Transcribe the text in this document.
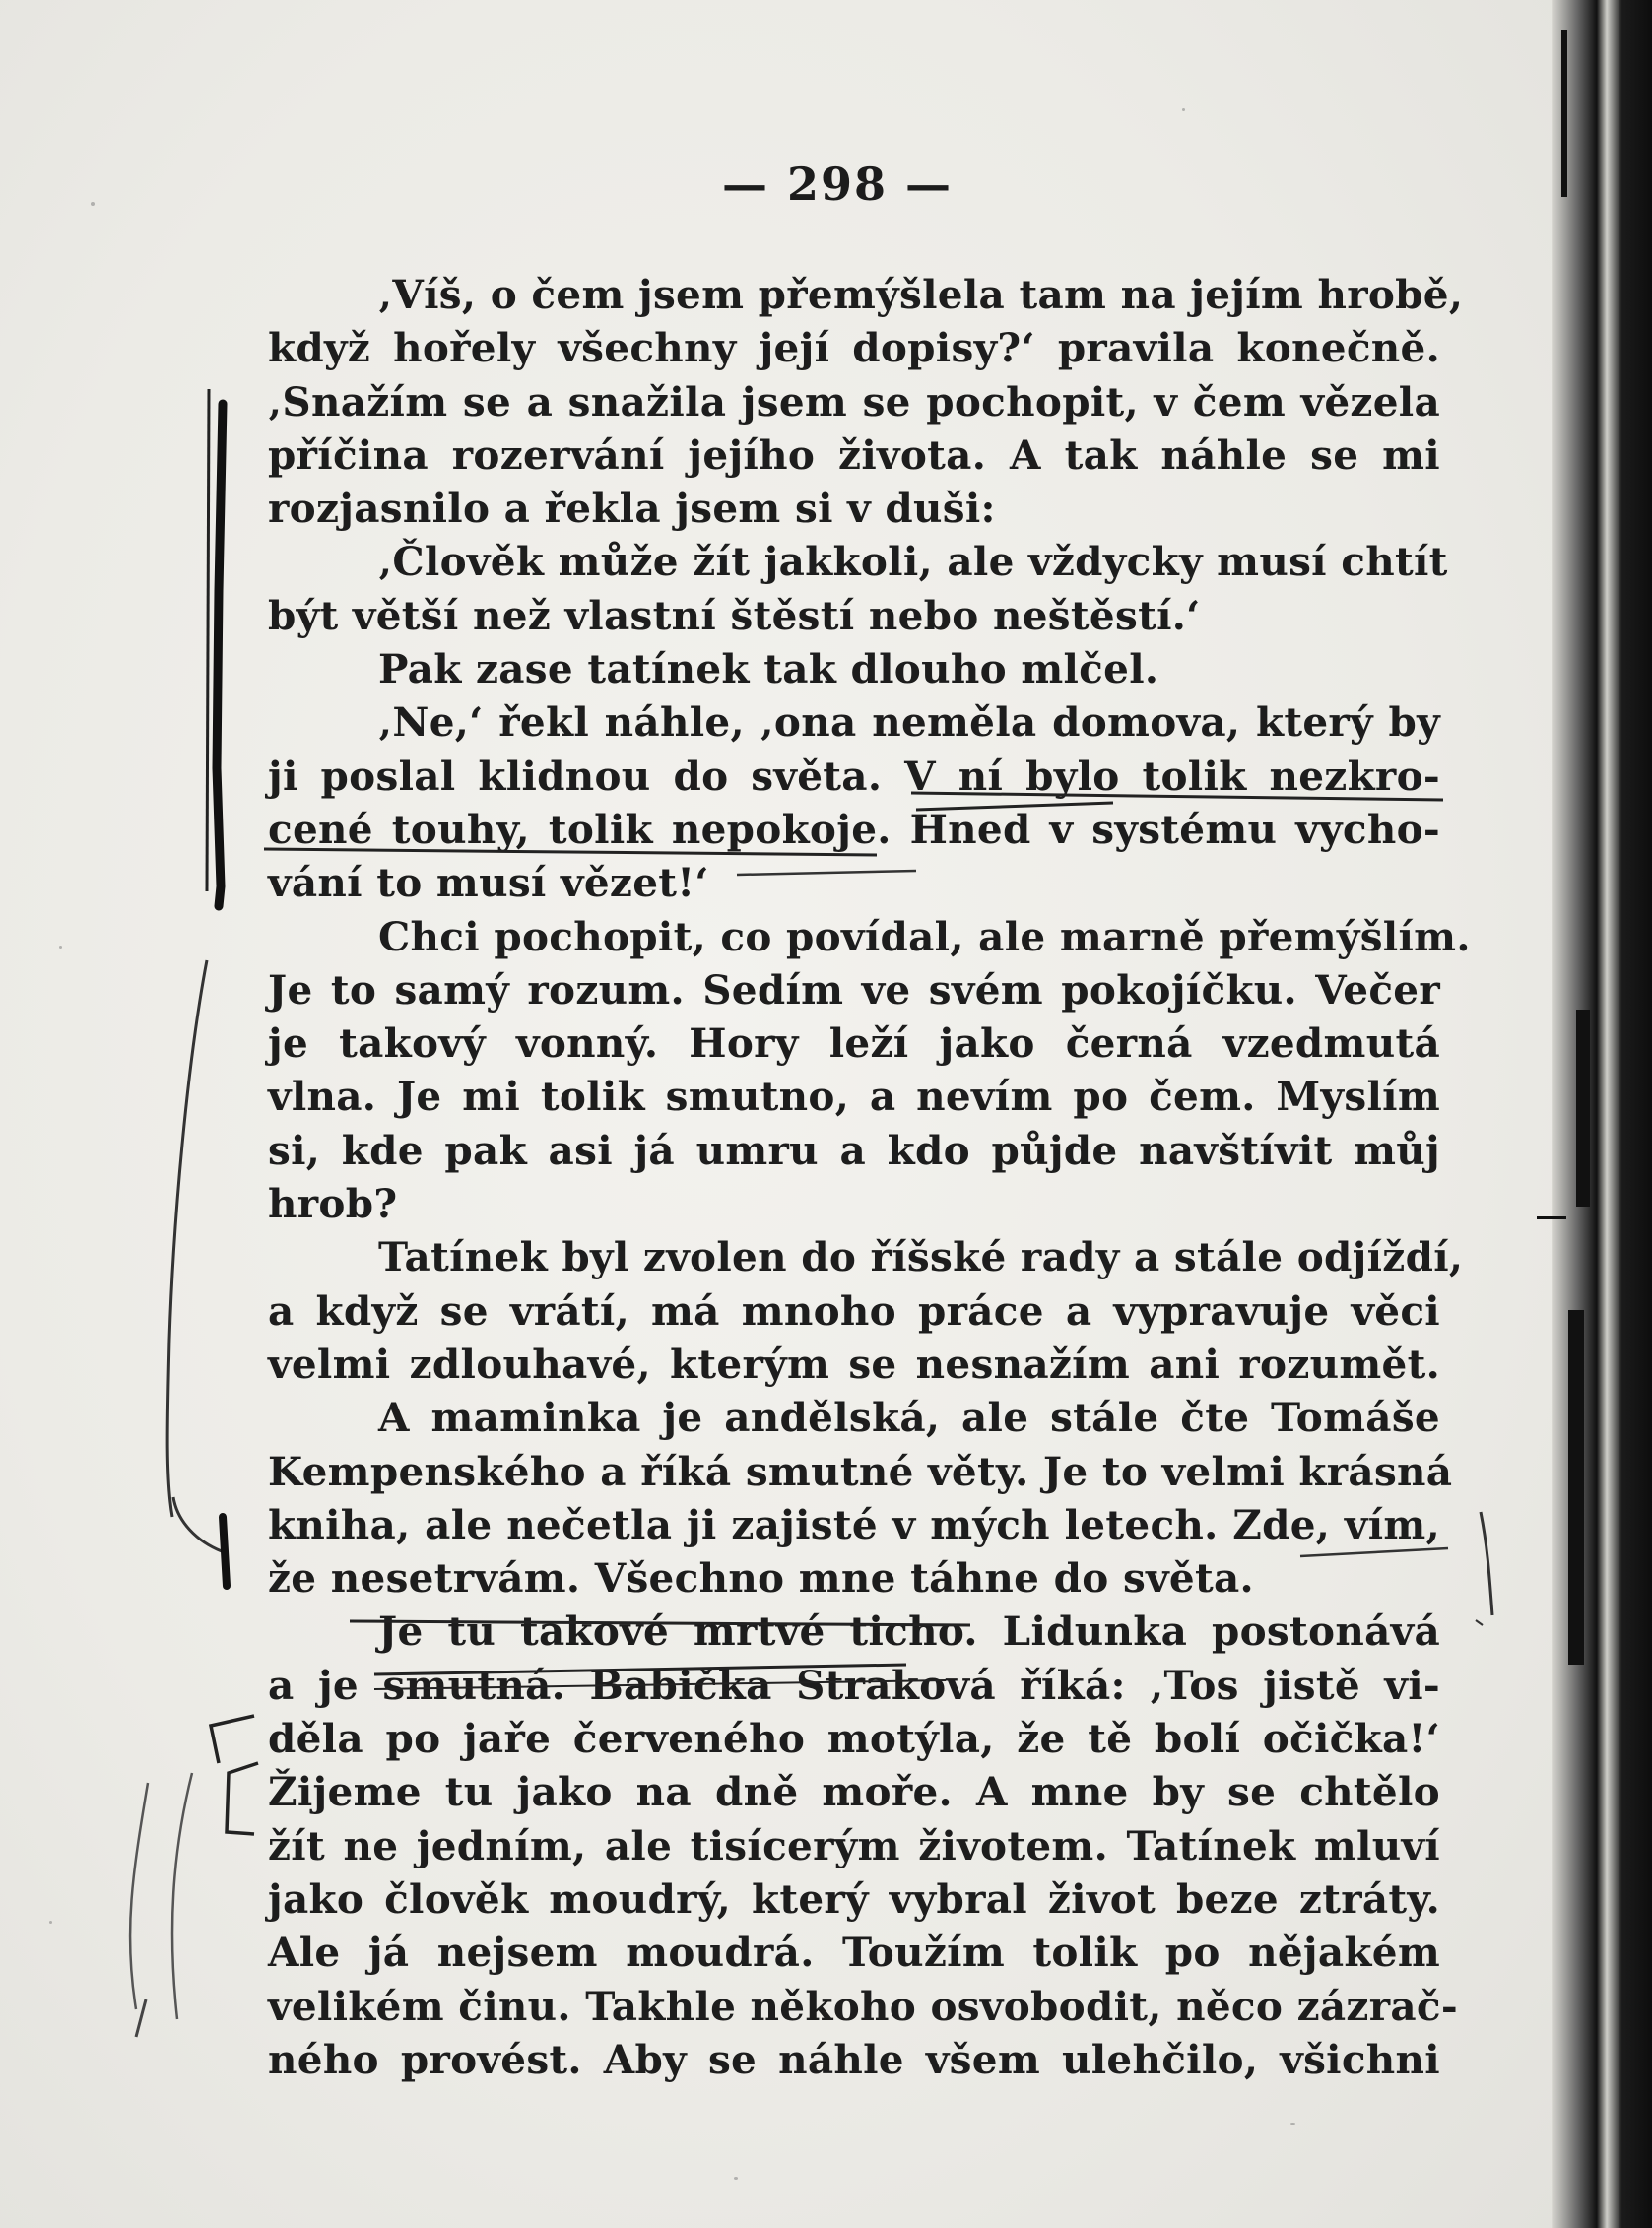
— 298 —
‚Víš, o čem jsem přemýšlela tam na jejím hrobě,
když hořely všechny její dopisy?‘ pravila konečně.
‚Snažím se a snažila jsem se pochopit, v čem vězela
příčina rozervání jejího života. A tak náhle se mi
rozjasnilo a řekla jsem si v duši:
‚Člověk může žít jakkoli, ale vždycky musí chtít
být větší než vlastní štěstí nebo neštěstí.‘
Pak zase tatínek tak dlouho mlčel.
‚Ne,‘ řekl náhle, ‚ona neměla domova, který by
ji poslal klidnou do světa. V ní bylo tolik nezkro-
cené touhy, tolik nepokoje. Hned v systému vycho-
vání to musí vězet!‘
Chci pochopit, co povídal, ale marně přemýšlím.
Je to samý rozum. Sedím ve svém pokojíčku. Večer
je takový vonný. Hory leží jako černá vzedmutá
vlna. Je mi tolik smutno, a nevím po čem. Myslím
si, kde pak asi já umru a kdo půjde navštívit můj
hrob?
Tatínek byl zvolen do říšské rady a stále odjíždí,
a když se vrátí, má mnoho práce a vypravuje věci
velmi zdlouhavé, kterým se nesnažím ani rozumět.
A maminka je andělská, ale stále čte Tomáše
Kempenského a říká smutné věty. Je to velmi krásná
kniha, ale nečetla ji zajisté v mých letech. Zde, vím,
že nesetrvám. Všechno mne táhne do světa.
Je tu takové mrtvé ticho. Lidunka postonává
a je smutná. Babička Straková říká: ‚Tos jistě vi-
děla po jaře červeného motýla, že tě bolí očička!‘
Žijeme tu jako na dně moře. A mne by se chtělo
žít ne jedním, ale tisícerým životem. Tatínek mluví
jako člověk moudrý, který vybral život beze ztráty.
Ale já nejsem moudrá. Toužím tolik po nějakém
velikém činu. Takhle někoho osvobodit, něco zázrač-
ného provést. Aby se náhle všem ulehčilo, všichni
